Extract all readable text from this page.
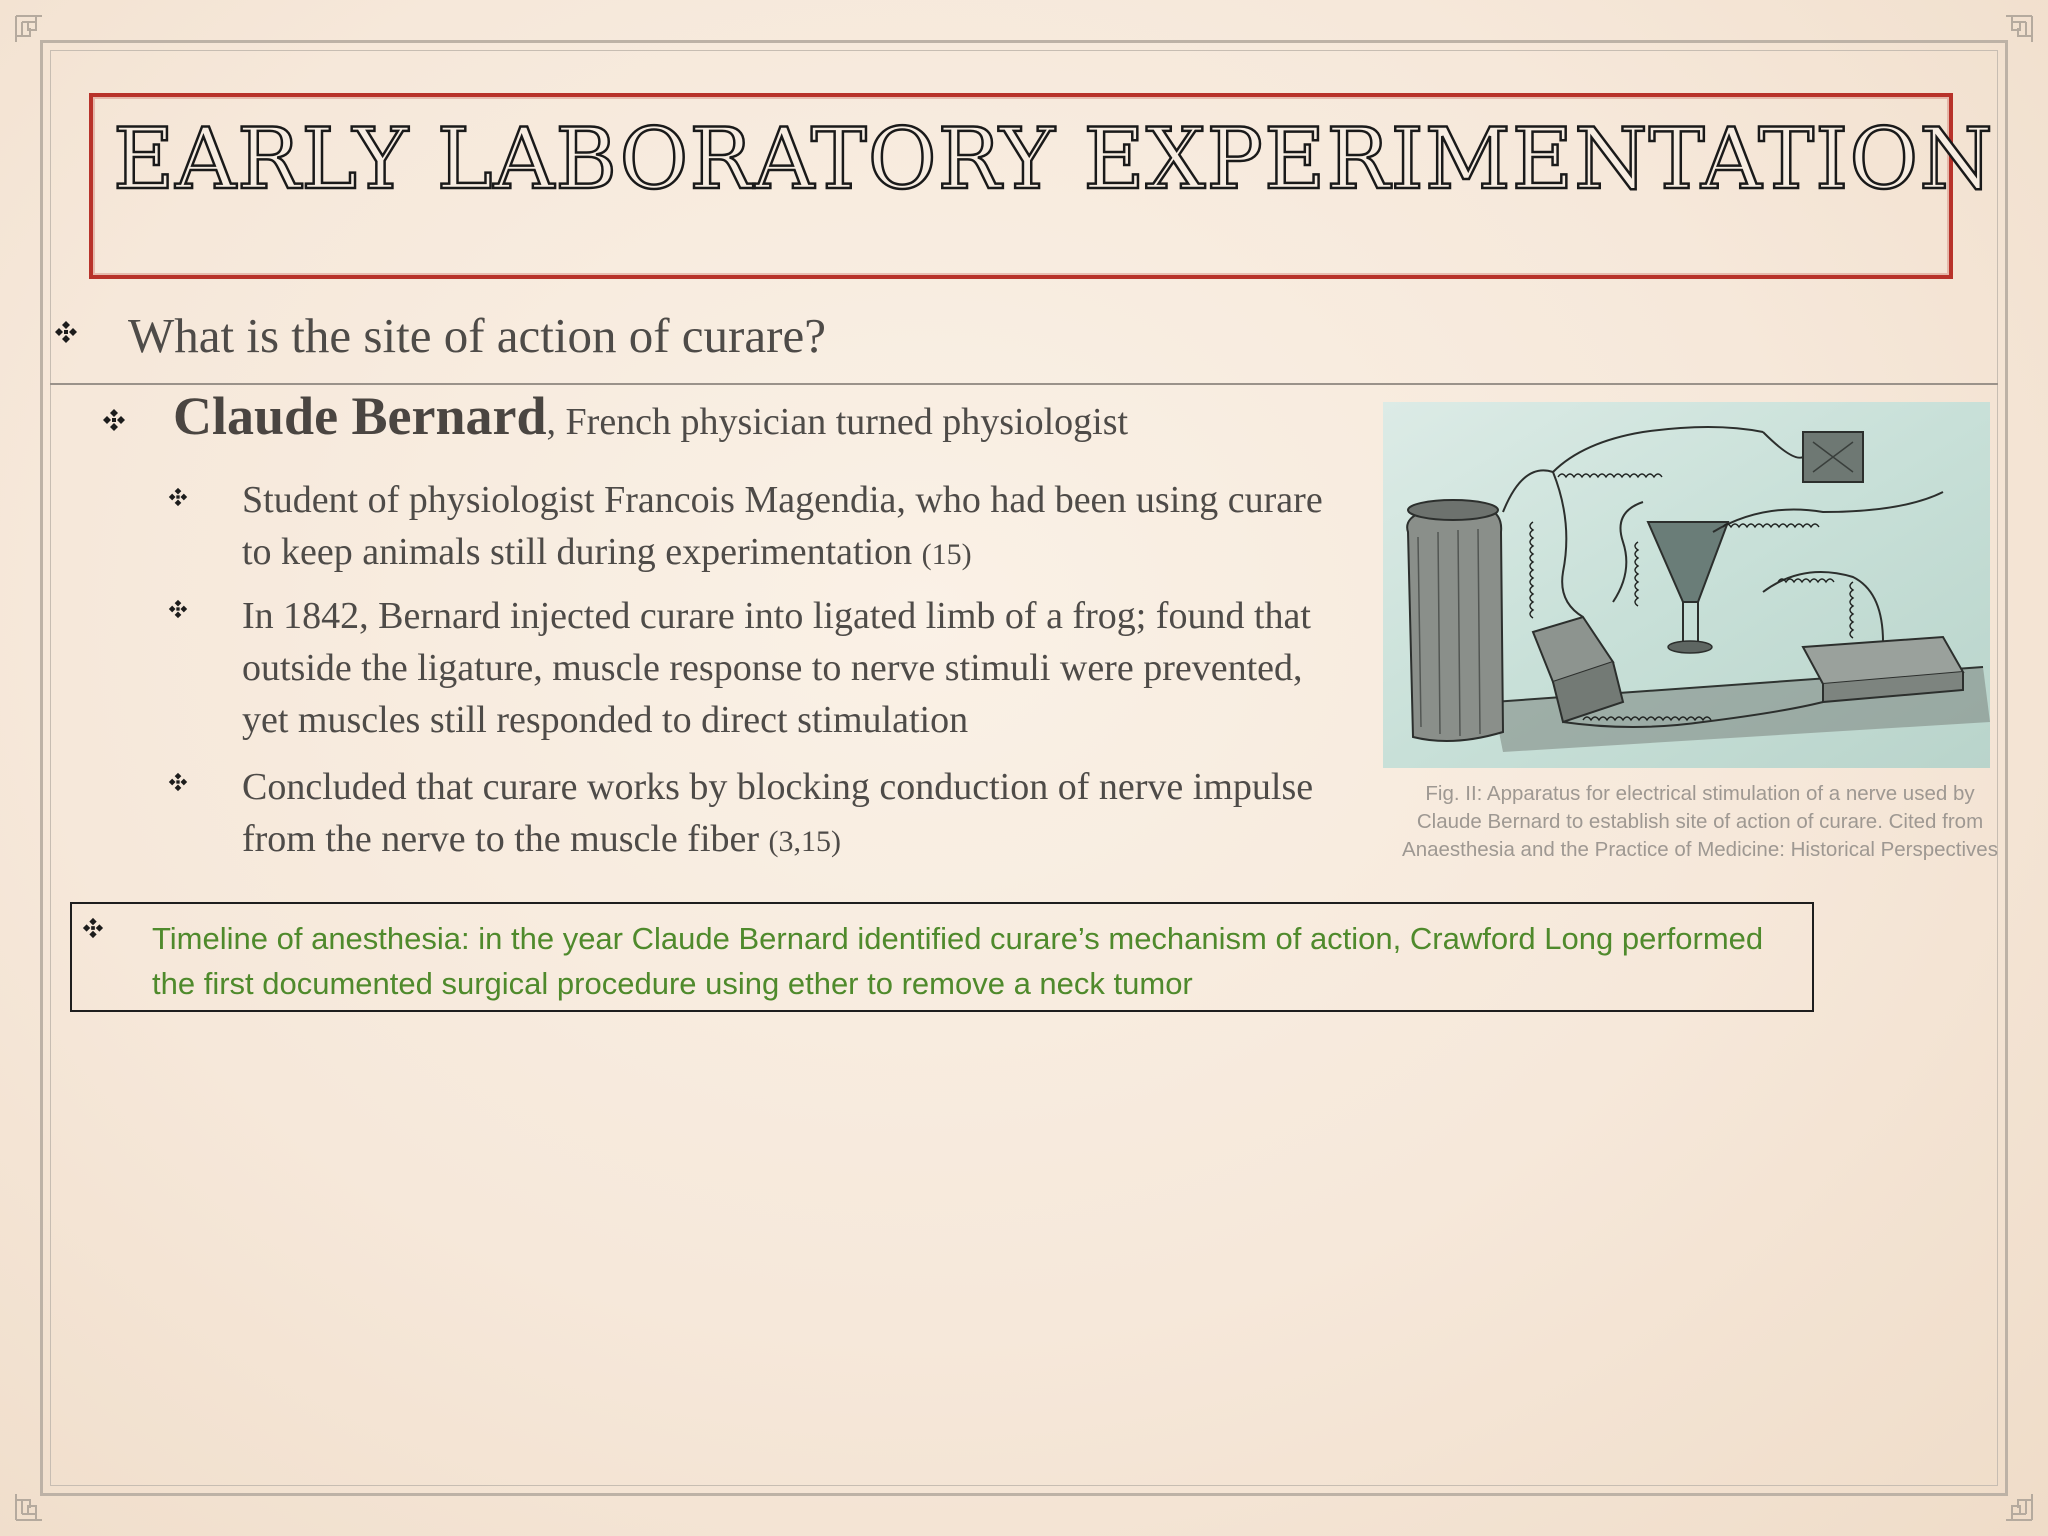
EARLY LABORATORY EXPERIMENTATION
What is the site of action of curare?
Claude Bernard, French physician turned physiologist
Student of physiologist Francois Magendia, who had been using curare to keep animals still during experimentation (15)
In 1842, Bernard injected curare into ligated limb of a frog; found that outside the ligature, muscle response to nerve stimuli were prevented, yet muscles still responded to direct stimulation
Concluded that curare works by blocking conduction of nerve impulse from the nerve to the muscle fiber (3,15)
Fig. II: Apparatus for electrical stimulation of a nerve used by Claude Bernard to establish site of action of curare. Cited from Anaesthesia and the Practice of Medicine: Historical Perspectives
Timeline of anesthesia: in the year Claude Bernard identified curare’s mechanism of action, Crawford Long performed the first documented surgical procedure using ether to remove a neck tumor
